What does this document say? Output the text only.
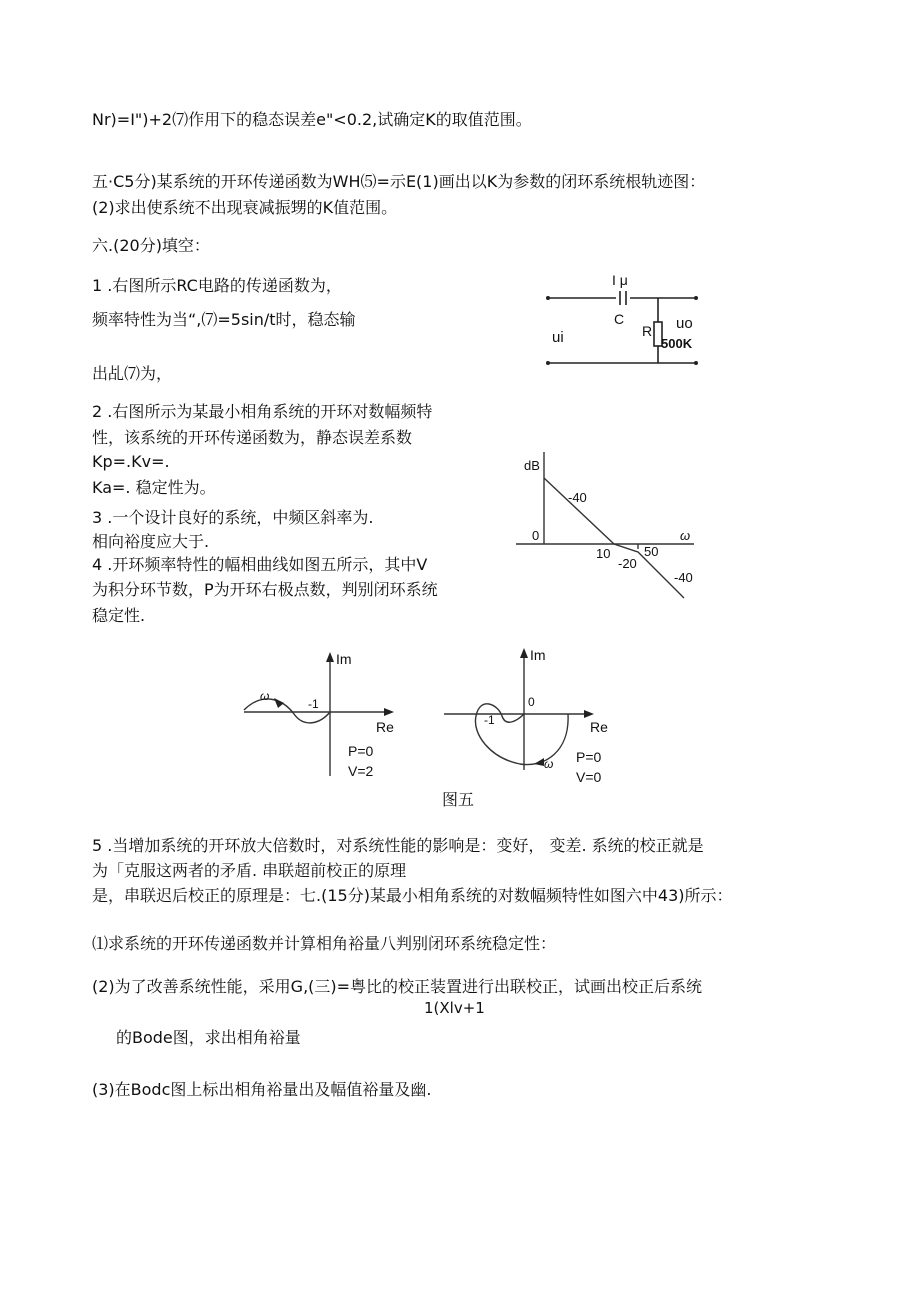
Nr)=I")+2⑺作用下的稳态误差e"<0.2,试确定K的取值范围。
五·C5分)某系统的开环传递函数为WH⑸=示E(1)画出以K为参数的闭环系统根轨迹图：
(2)求出使系统不出现衰减振甥的K值范围。
六.(20分)填空：
1 .右图所示RC电路的传递函数为，
频率特性为当“,⑺=5sin/t时，稳态输
出乩⑺为，
2 .右图所示为某最小相角系统的开环对数幅频特
性，该系统的开环传递函数为，静态误差系数
Kp=.Kv=.
Ka=. 稳定性为。
3 .一个设计良好的系统，中频区斜率为.
相向裕度应大于.
4 .开环频率特性的幅相曲线如图五所示，其中V
为积分环节数，P为开环右极点数，判别闭环系统
稳定性.
图五
5 .当增加系统的开环放大倍数时，对系统性能的影响是：变好， 变差. 系统的校正就是
为「克服这两者的矛盾. 串联超前校正的原理
是，串联迟后校正的原理是：七.(15分)某最小相角系统的对数幅频特性如图六中43)所示：
⑴求系统的开环传递函数并计算相角裕量八判别闭环系统稳定性：
(2)为了改善系统性能，采用G,(三)=粤比的校正装置进行出联校正，试画出校正后系统
1(Xlv+1
的Bode图，求出相角裕量
(3)在Bodc图上标出相角裕量出及幅值裕量及幽.
I μ
C
R
ui
uo
500K
dB
ω
0
-40
10	50
-20
-40
ω
-1
Im
Re
P=0
V=2	ω
-1
0
Im
Re
P=0
V=0
